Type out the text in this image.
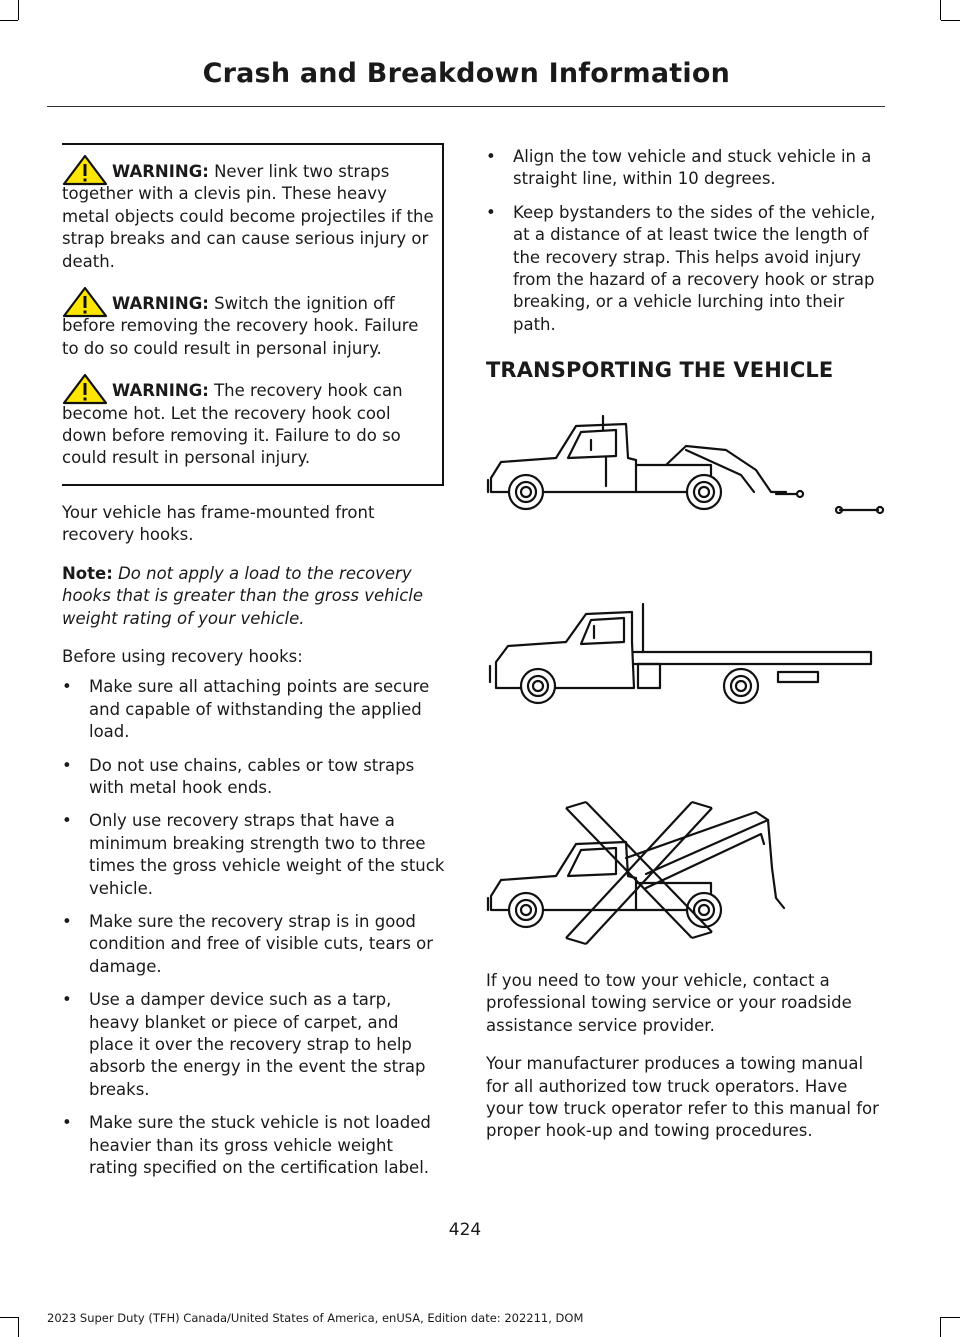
Crash and Breakdown Information

WARNING: Never link two straps together with a clevis pin. These heavy metal objects could become projectiles if the strap breaks and can cause serious injury or death.

WARNING: Switch the ignition off before removing the recovery hook. Failure to do so could result in personal injury.

WARNING: The recovery hook can become hot. Let the recovery hook cool down before removing it. Failure to do so could result in personal injury.

Your vehicle has frame-mounted front recovery hooks.

Note: Do not apply a load to the recovery hooks that is greater than the gross vehicle weight rating of your vehicle.

Before using recovery hooks:

• Make sure all attaching points are secure and capable of withstanding the applied load.
• Do not use chains, cables or tow straps with metal hook ends.
• Only use recovery straps that have a minimum breaking strength two to three times the gross vehicle weight of the stuck vehicle.
• Make sure the recovery strap is in good condition and free of visible cuts, tears or damage.
• Use a damper device such as a tarp, heavy blanket or piece of carpet, and place it over the recovery strap to help absorb the energy in the event the strap breaks.
• Make sure the stuck vehicle is not loaded heavier than its gross vehicle weight rating specified on the certification label.
• Align the tow vehicle and stuck vehicle in a straight line, within 10 degrees.
• Keep bystanders to the sides of the vehicle, at a distance of at least twice the length of the recovery strap. This helps avoid injury from the hazard of a recovery hook or strap breaking, or a vehicle lurching into their path.
TRANSPORTING THE VEHICLE

If you need to tow your vehicle, contact a professional towing service or your roadside assistance service provider.

Your manufacturer produces a towing manual for all authorized tow truck operators. Have your tow truck operator refer to this manual for proper hook-up and towing procedures.

424
2023 Super Duty (TFH) Canada/United States of America, enUSA, Edition date: 202211, DOM
